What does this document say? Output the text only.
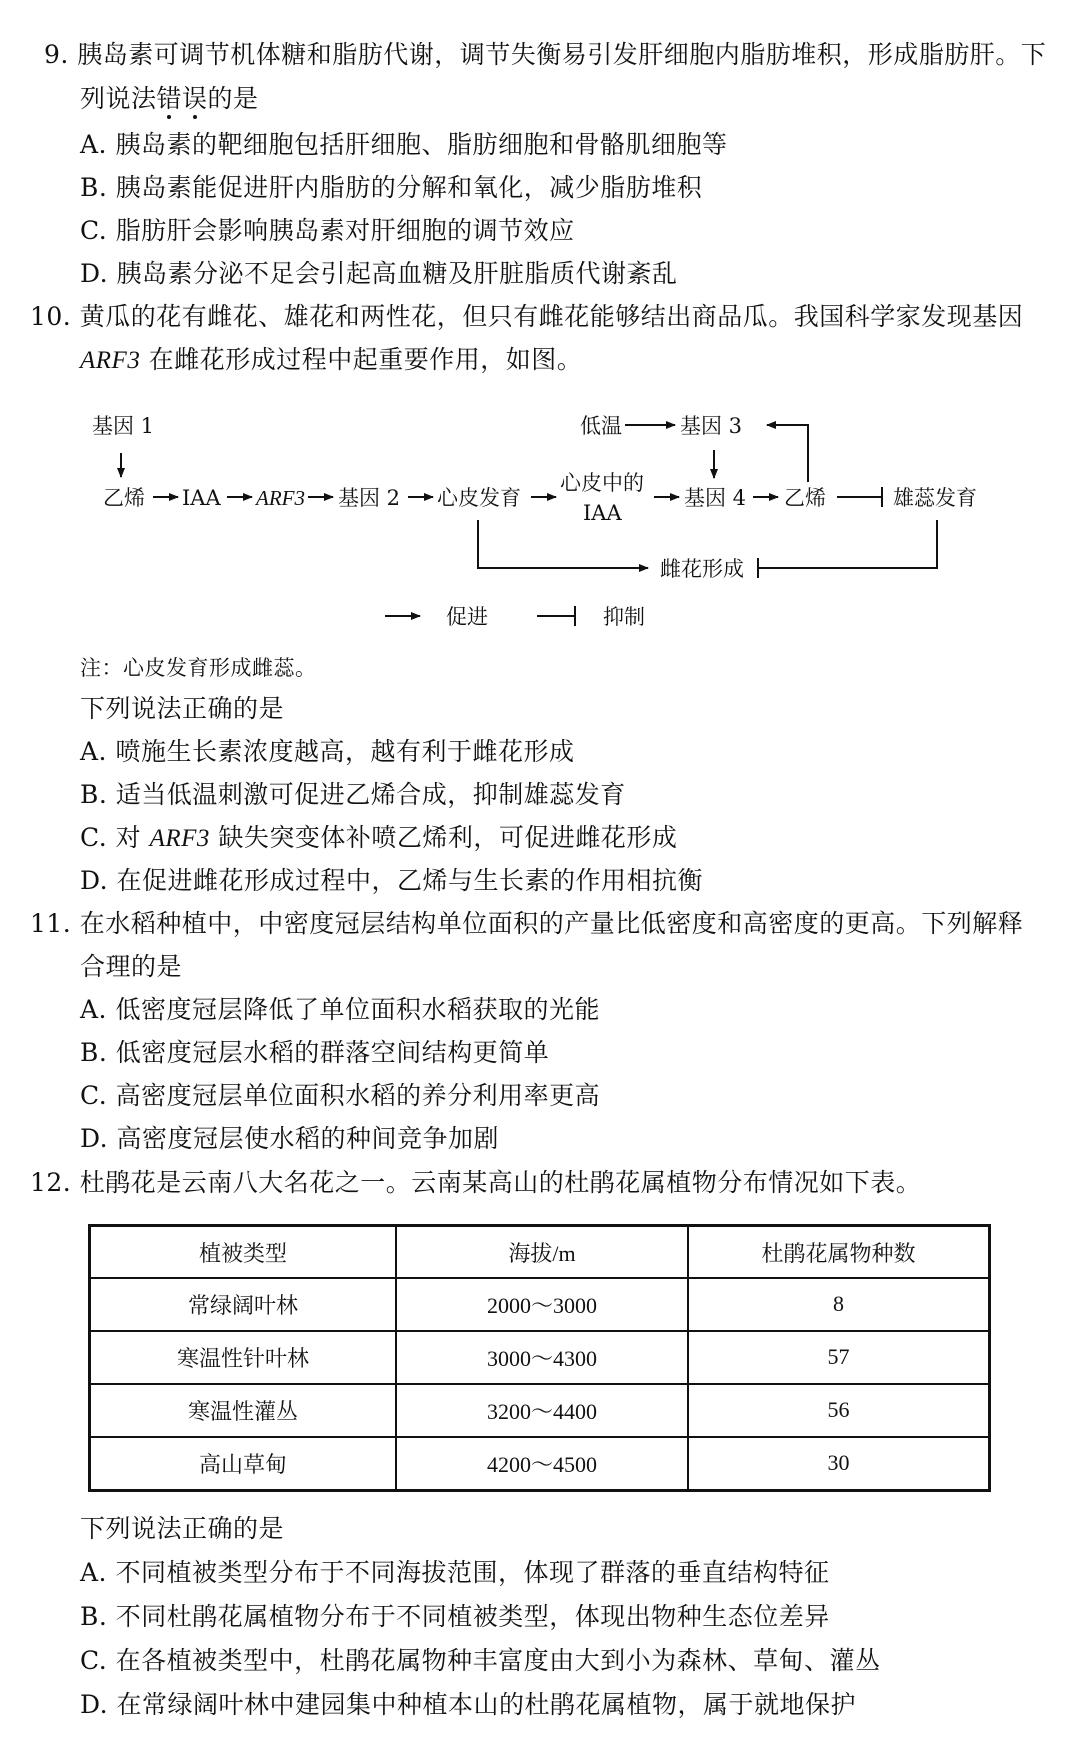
9. 胰岛素可调节机体糖和脂肪代谢，调节失衡易引发肝细胞内脂肪堆积，形成脂肪肝。下
列说法错误的是
A. 胰岛素的靶细胞包括肝细胞、脂肪细胞和骨骼肌细胞等
B. 胰岛素能促进肝内脂肪的分解和氧化，减少脂肪堆积
C. 脂肪肝会影响胰岛素对肝细胞的调节效应
D. 胰岛素分泌不足会引起高血糖及肝脏脂质代谢紊乱
10. 黄瓜的花有雌花、雄花和两性花，但只有雌花能够结出商品瓜。我国科学家发现基因
ARF3 在雌花形成过程中起重要作用，如图。
基因 1	低温	基因 3
乙烯 IAA ARF3 基因 2 心皮发育
心皮中的
IAA
基因 4 乙烯	雄蕊发育
雌花形成
促进	抑制
注：心皮发育形成雌蕊。
下列说法正确的是
A. 喷施生长素浓度越高，越有利于雌花形成
B. 适当低温刺激可促进乙烯合成，抑制雄蕊发育
C. 对 ARF3 缺失突变体补喷乙烯利，可促进雌花形成
D. 在促进雌花形成过程中，乙烯与生长素的作用相抗衡
11. 在水稻种植中，中密度冠层结构单位面积的产量比低密度和高密度的更高。下列解释
合理的是
A. 低密度冠层降低了单位面积水稻获取的光能
B. 低密度冠层水稻的群落空间结构更简单
C. 高密度冠层单位面积水稻的养分利用率更高
D. 高密度冠层使水稻的种间竞争加剧
12. 杜鹃花是云南八大名花之一。云南某高山的杜鹃花属植物分布情况如下表。
植被类型	海拔/m	杜鹃花属物种数
常绿阔叶林	2000～3000	8
寒温性针叶林	3000～4300	57
寒温性灌丛	3200～4400	56
高山草甸	4200～4500	30
下列说法正确的是
A. 不同植被类型分布于不同海拔范围，体现了群落的垂直结构特征
B. 不同杜鹃花属植物分布于不同植被类型，体现出物种生态位差异
C. 在各植被类型中，杜鹃花属物种丰富度由大到小为森林、草甸、灌丛
D. 在常绿阔叶林中建园集中种植本山的杜鹃花属植物，属于就地保护
